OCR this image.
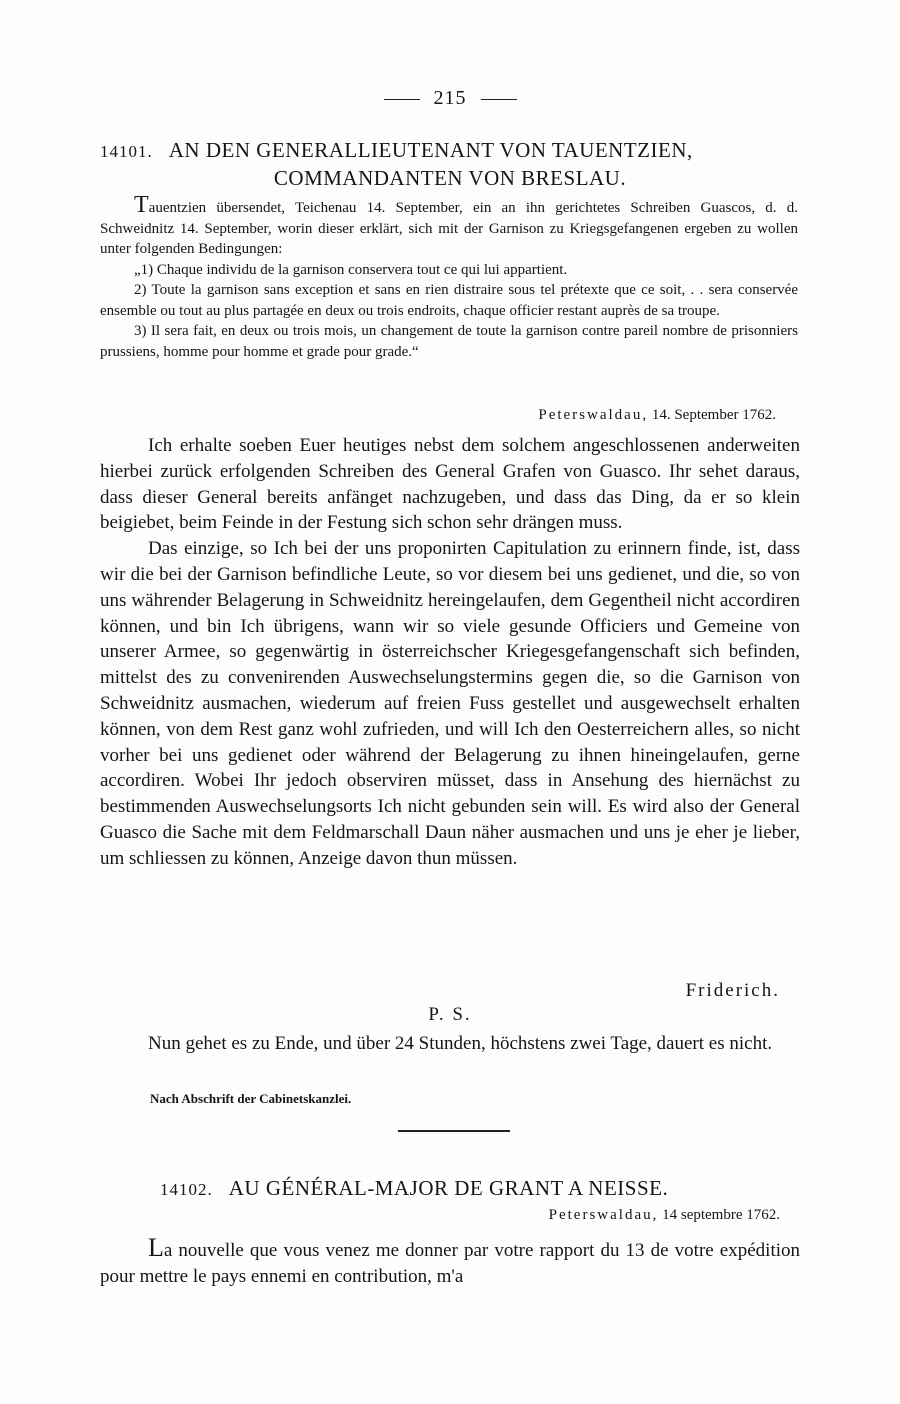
215
14101. AN DEN GENERALLIEUTENANT VON TAUENTZIEN,
COMMANDANTEN VON BRESLAU.

Tauentzien übersendet, Teichenau 14. September, ein an ihn gerichtetes Schreiben Guascos, d. d. Schweidnitz 14. September, worin dieser erklärt, sich mit der Garnison zu Kriegsgefangenen ergeben zu wollen unter folgenden Bedingungen:

„1) Chaque individu de la garnison conservera tout ce qui lui appartient.

2) Toute la garnison sans exception et sans en rien distraire sous tel prétexte que ce soit, . . sera conservée ensemble ou tout au plus partagée en deux ou trois endroits, chaque officier restant auprès de sa troupe.

3) Il sera fait, en deux ou trois mois, un changement de toute la garnison contre pareil nombre de prisonniers prussiens, homme pour homme et grade pour grade.“

Peterswaldau, 14. September 1762.

Ich erhalte soeben Euer heutiges nebst dem solchem angeschlossenen anderweiten hierbei zurück erfolgenden Schreiben des General Grafen von Guasco. Ihr sehet daraus, dass dieser General bereits anfänget nachzugeben, und dass das Ding, da er so klein beigiebet, beim Feinde in der Festung sich schon sehr drängen muss.

Das einzige, so Ich bei der uns proponirten Capitulation zu erinnern finde, ist, dass wir die bei der Garnison befindliche Leute, so vor diesem bei uns gedienet, und die, so von uns währender Belagerung in Schweidnitz hereingelaufen, dem Gegentheil nicht accordiren können, und bin Ich übrigens, wann wir so viele gesunde Officiers und Gemeine von unserer Armee, so gegenwärtig in österreichscher Kriegesgefangenschaft sich befinden, mittelst des zu convenirenden Auswechselungstermins gegen die, so die Garnison von Schweidnitz ausmachen, wiederum auf freien Fuss gestellet und ausgewechselt erhalten können, von dem Rest ganz wohl zufrieden, und will Ich den Oesterreichern alles, so nicht vorher bei uns gedienet oder während der Belagerung zu ihnen hineingelaufen, gerne accordiren. Wobei Ihr jedoch observiren müsset, dass in Ansehung des hiernächst zu bestimmenden Auswechselungsorts Ich nicht gebunden sein will. Es wird also der General Guasco die Sache mit dem Feldmarschall Daun näher ausmachen und uns je eher je lieber, um schliessen zu können, Anzeige davon thun müssen.

Friderich.
P. S.

Nun gehet es zu Ende, und über 24 Stunden, höchstens zwei Tage, dauert es nicht.

Nach Abschrift der Cabinetskanzlei.
14102. AU GÉNÉRAL-MAJOR DE GRANT A NEISSE.
Peterswaldau, 14 septembre 1762.

La nouvelle que vous venez me donner par votre rapport du 13 de votre expédition pour mettre le pays ennemi en contribution, m'a
